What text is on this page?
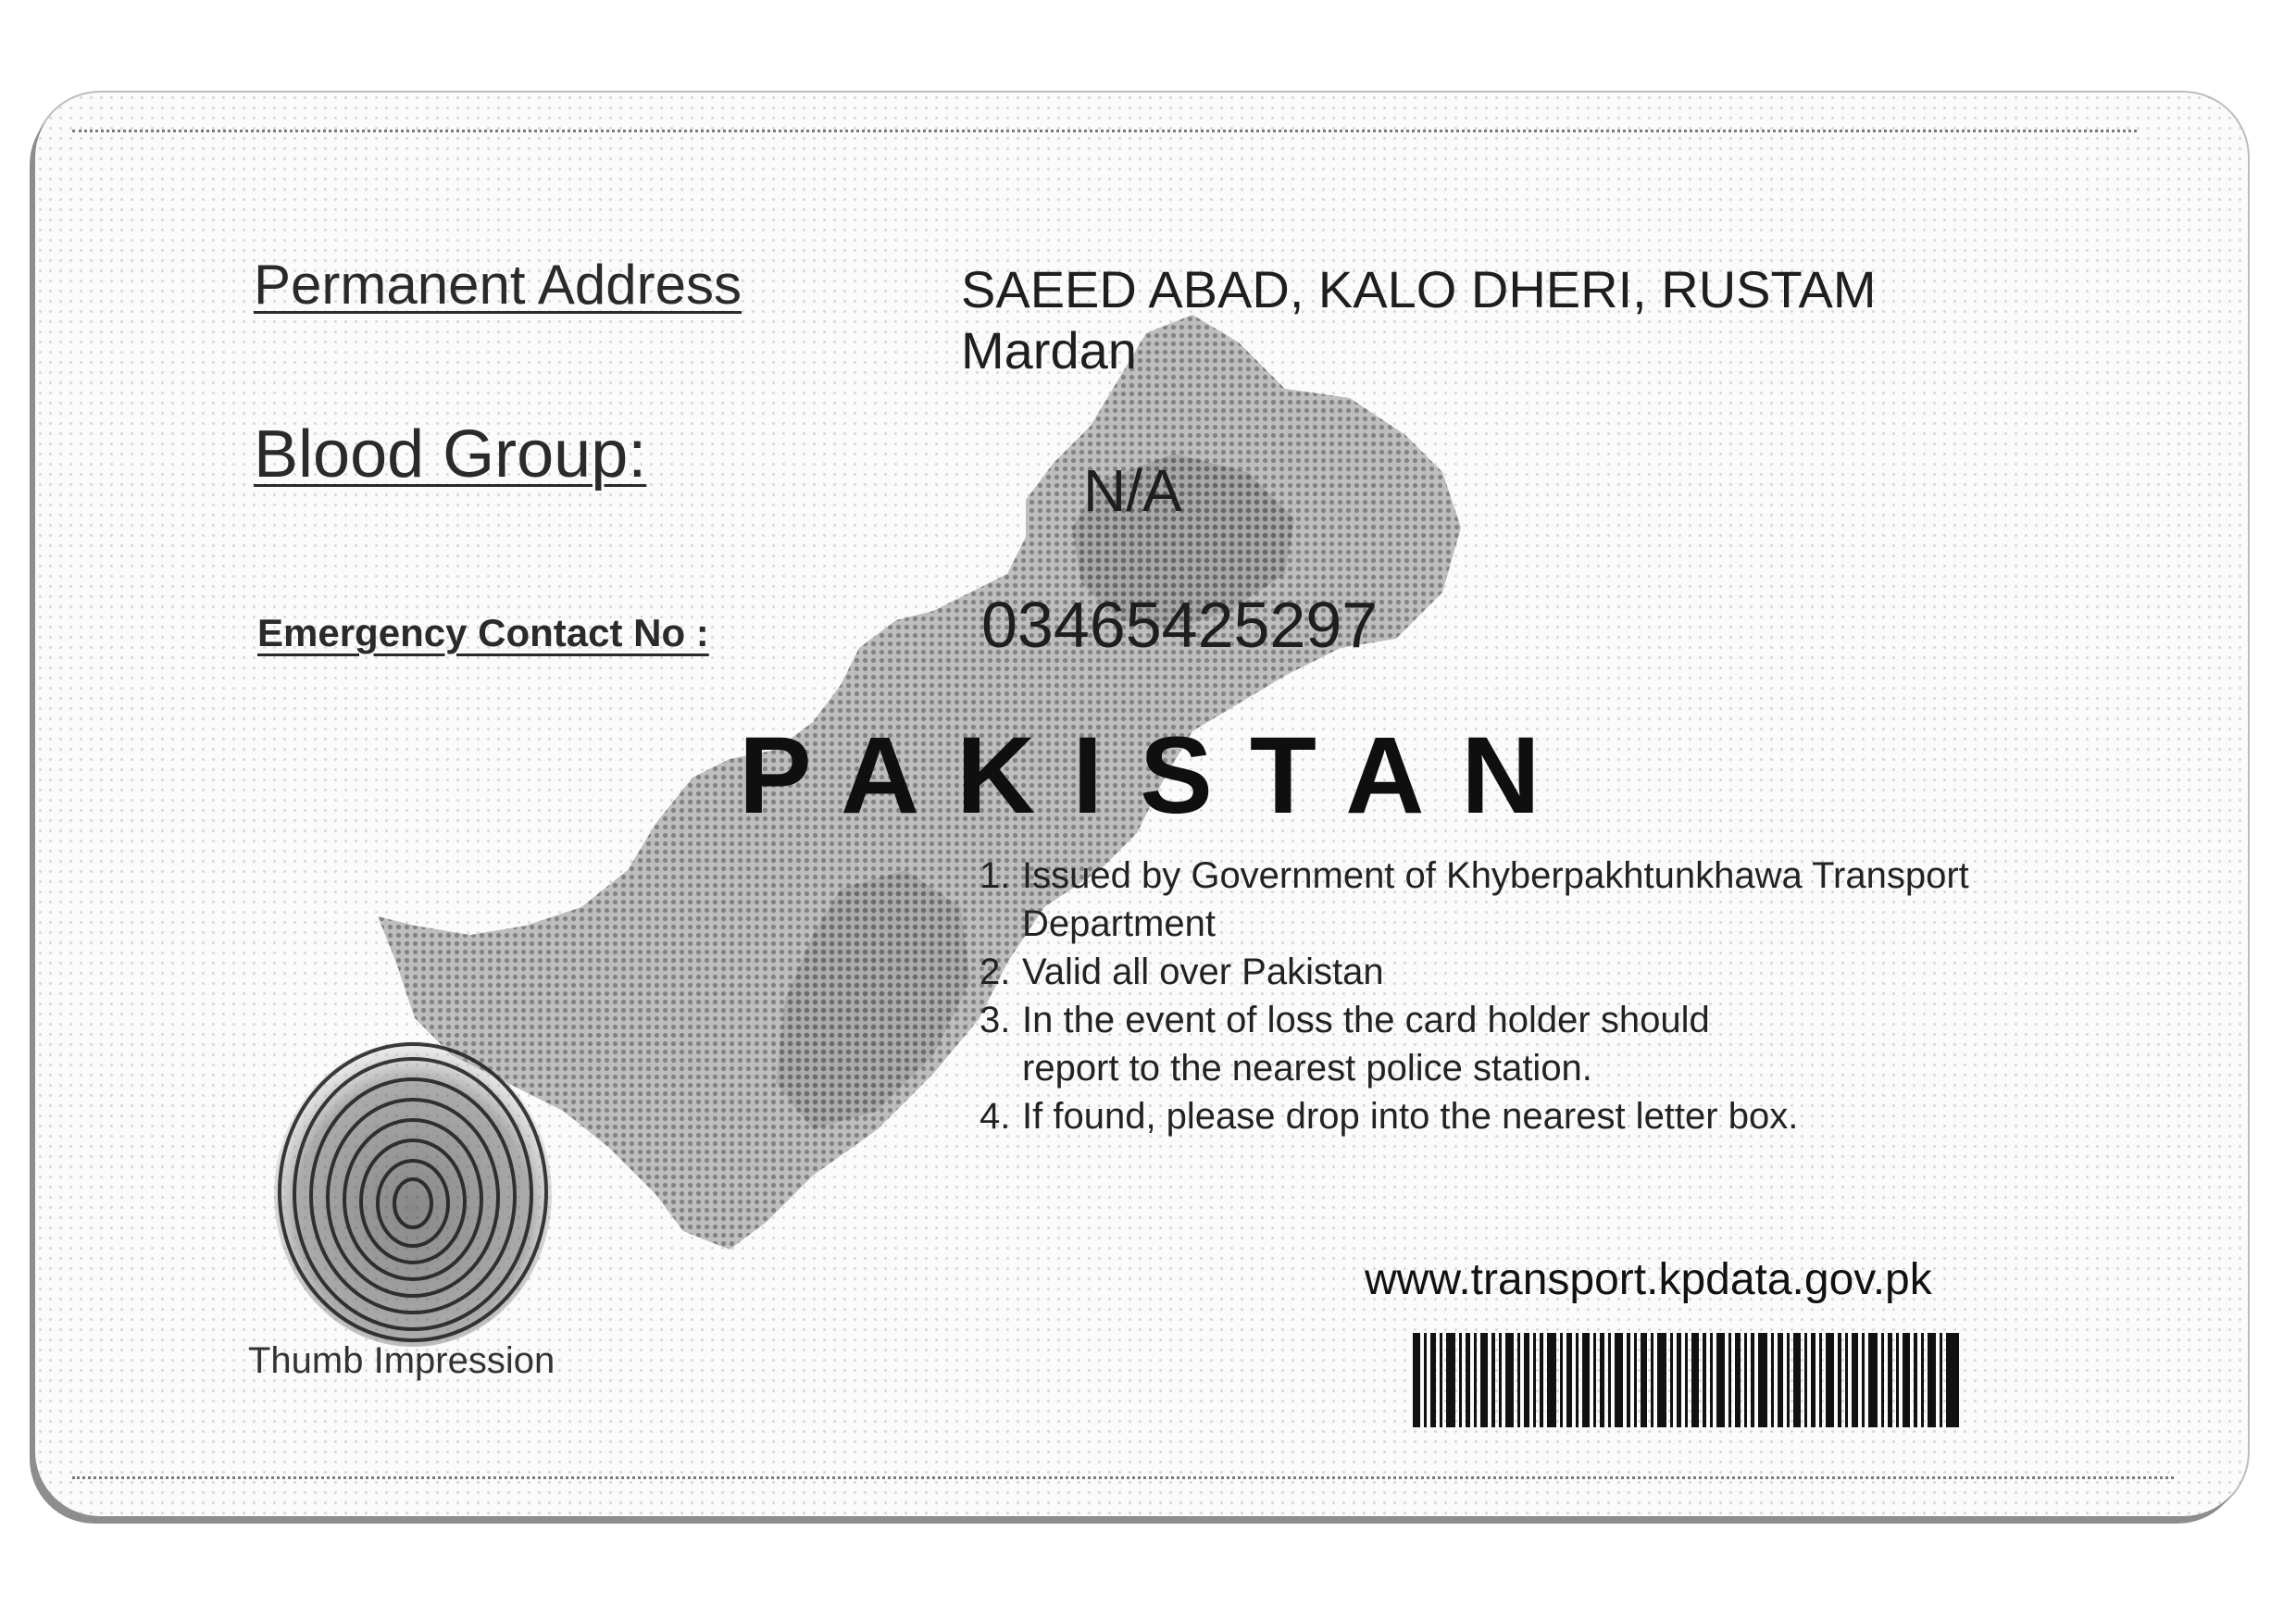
Permanent Address	SAEED ABAD, KALO DHERI, RUSTAM
Mardan
Blood Group:	N/A
Emergency Contact No :	03465425297
PAKISTAN
1. Issued by Government of Khyberpakhtunkhawa Transport Department
2. Valid all over Pakistan
3. In the event of loss the card holder should report to the nearest police station.
4. If found, please drop into the nearest letter box.
Thumb Impression
www.transport.kpdata.gov.pk
